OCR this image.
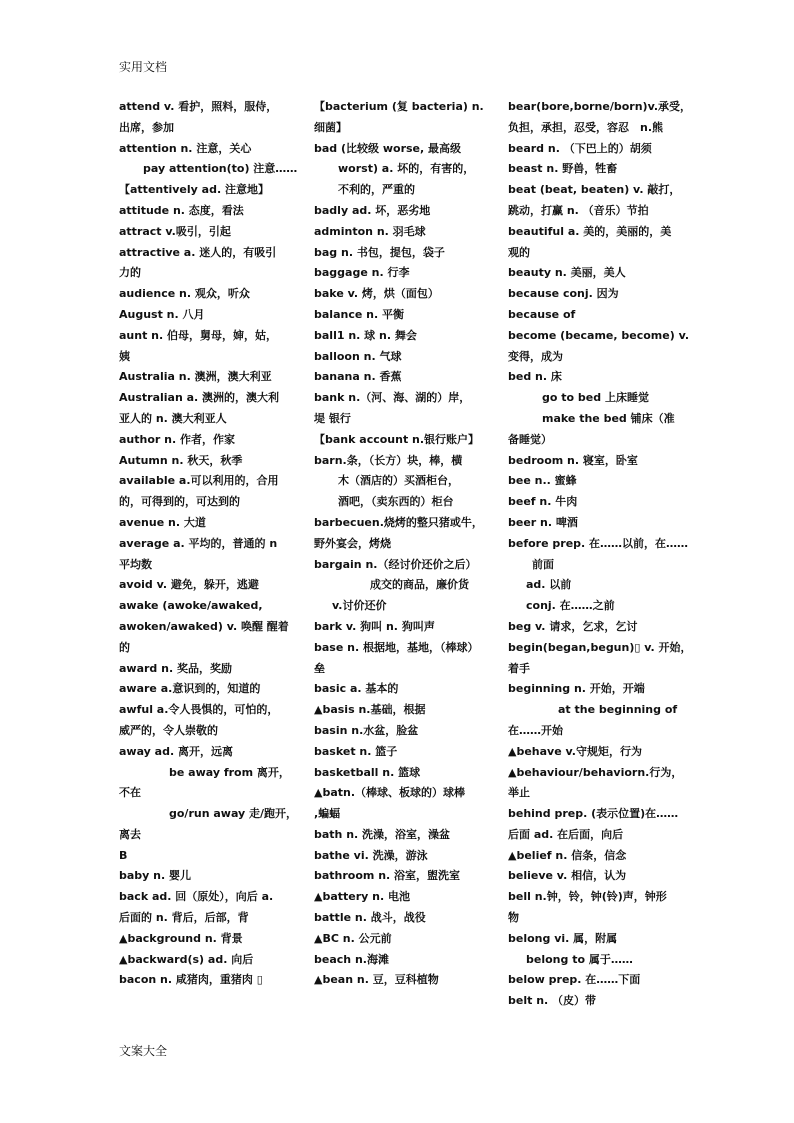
实用文档
attend v. 看护，照料，服侍，
出席，参加
attention n. 注意，关心
pay attention(to) 注意……
【attentively ad. 注意地】
attitude n. 态度，看法
attract v.吸引，引起
attractive a. 迷人的，有吸引
力的
audience n. 观众，听众
August n. 八月
aunt n. 伯母，舅母，婶，姑，
姨
Australia n. 澳洲，澳大利亚
Australian a. 澳洲的，澳大利
亚人的 n. 澳大利亚人
author n. 作者，作家
Autumn n. 秋天，秋季
available a.可以利用的，合用
的，可得到的，可达到的
avenue n. 大道
average a. 平均的，普通的 n
平均数
avoid v. 避免，躲开，逃避
awake (awoke/awaked,
awoken/awaked) v. 唤醒 醒着
的
award n. 奖品，奖励
aware a.意识到的，知道的
awful a.令人畏惧的，可怕的，
威严的，令人崇敬的
away ad. 离开，远离
be away from 离开，
不在
go/run away 走/跑开，
离去
B
baby n. 婴儿
back ad. 回（原处），向后 a.
后面的 n. 背后，后部，背
▲background n. 背景
▲backward(s) ad. 向后
bacon n. 咸猪肉，重猪肉 ▯
【bacterium (复 bacteria) n.
细菌】
bad (比较级 worse, 最高级
worst) a. 坏的，有害的，
不利的，严重的
badly ad. 坏，恶劣地
adminton n. 羽毛球
bag n. 书包，提包，袋子
baggage n. 行李
bake v. 烤，烘（面包）
balance n. 平衡
ball1 n. 球 n. 舞会
balloon n. 气球
banana n. 香蕉
bank n.（河、海、湖的）岸，
堤 银行
【bank account n.银行账户】
barn.条，（长方）块，棒，横
木（酒店的）买酒柜台，
酒吧，（卖东西的）柜台
barbecuen.烧烤的整只猪或牛，
野外宴会，烤烧
bargain n.（经讨价还价之后）
成交的商品，廉价货
v.讨价还价
bark v. 狗叫 n. 狗叫声
base n. 根据地，基地，（棒球）
垒
basic a. 基本的
▲basis n.基础，根据
basin n.水盆，脸盆
basket n. 篮子
basketball n. 篮球
▲batn.（棒球、板球的）球棒
,蝙蝠
bath n. 洗澡，浴室，澡盆
bathe vi. 洗澡，游泳
bathroom n. 浴室，盥洗室
▲battery n. 电池
battle n. 战斗，战役
▲BC n. 公元前
beach n.海滩
▲bean n. 豆，豆科植物
bear(bore,borne/born)v.承受，
负担，承担，忍受，容忍　n.熊
beard n. （下巴上的）胡须
beast n. 野兽，牲畜
beat (beat, beaten) v. 敲打，
跳动，打赢 n. （音乐）节拍
beautiful a. 美的，美丽的，美
观的
beauty n. 美丽，美人
because conj. 因为
because of
become (became, become) v.
变得，成为
bed n. 床
go to bed 上床睡觉
make the bed 铺床（准
备睡觉）
bedroom n. 寝室，卧室
bee n.. 蜜蜂
beef n. 牛肉
beer n. 啤酒
before prep. 在……以前，在……
前面
ad. 以前
conj. 在……之前
beg v. 请求，乞求，乞讨
begin(began,begun)▯ v. 开始，
着手
beginning n. 开始，开端
at the beginning of
在……开始
▲behave v.守规矩，行为
▲behaviour/behaviorn.行为，
举止
behind prep. (表示位置)在……
后面 ad. 在后面，向后
▲belief n. 信条，信念
believe v. 相信，认为
bell n.钟，铃，钟(铃)声，钟形
物
belong vi. 属，附属
belong to 属于……
below prep. 在……下面
belt n. （皮）带
文案大全
